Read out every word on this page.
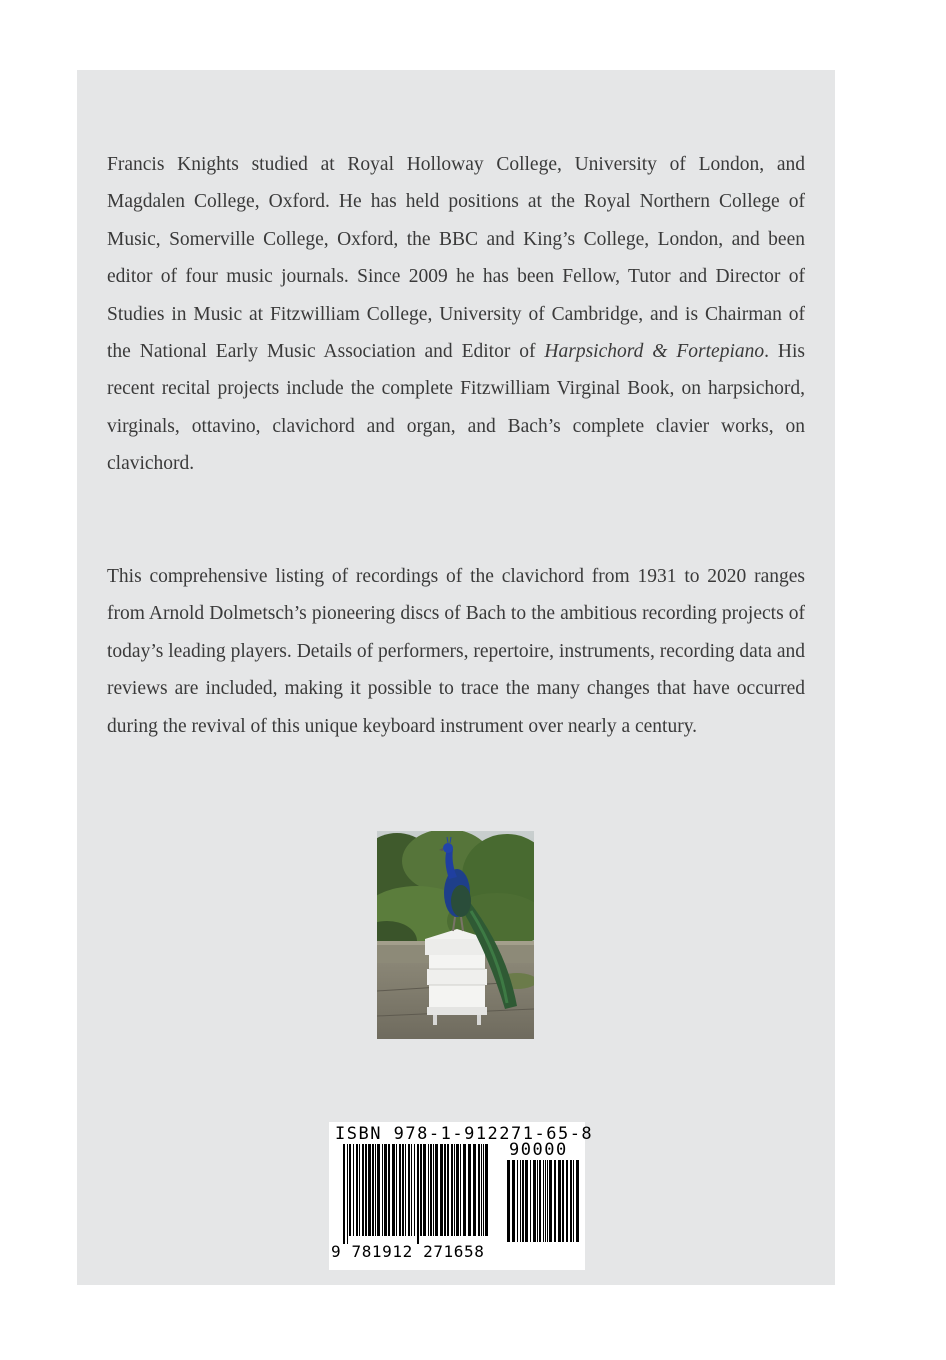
Francis Knights studied at Royal Holloway College, University of London, and Magdalen College, Oxford. He has held positions at the Royal Northern College of Music, Somerville College, Oxford, the BBC and King’s College, London, and been editor of four music journals. Since 2009 he has been Fellow, Tutor and Director of Studies in Music at Fitzwilliam College, University of Cambridge, and is Chairman of the National Early Music Association and Editor of Harpsichord & Fortepiano. His recent recital projects include the complete Fitzwilliam Virginal Book, on harpsichord, virginals, ottavino, clavichord and organ, and Bach’s complete clavier works, on clavichord.

This comprehensive listing of recordings of the clavichord from 1931 to 2020 ranges from Arnold Dolmetsch’s pioneering discs of Bach to the ambitious recording projects of today’s leading players. Details of performers, repertoire, instruments, recording data and reviews are included, making it possible to trace the many changes that have occurred during the revival of this unique keyboard instrument over nearly a century.

ISBN 978-1-912271-65-8
90000
9 781912 271658
